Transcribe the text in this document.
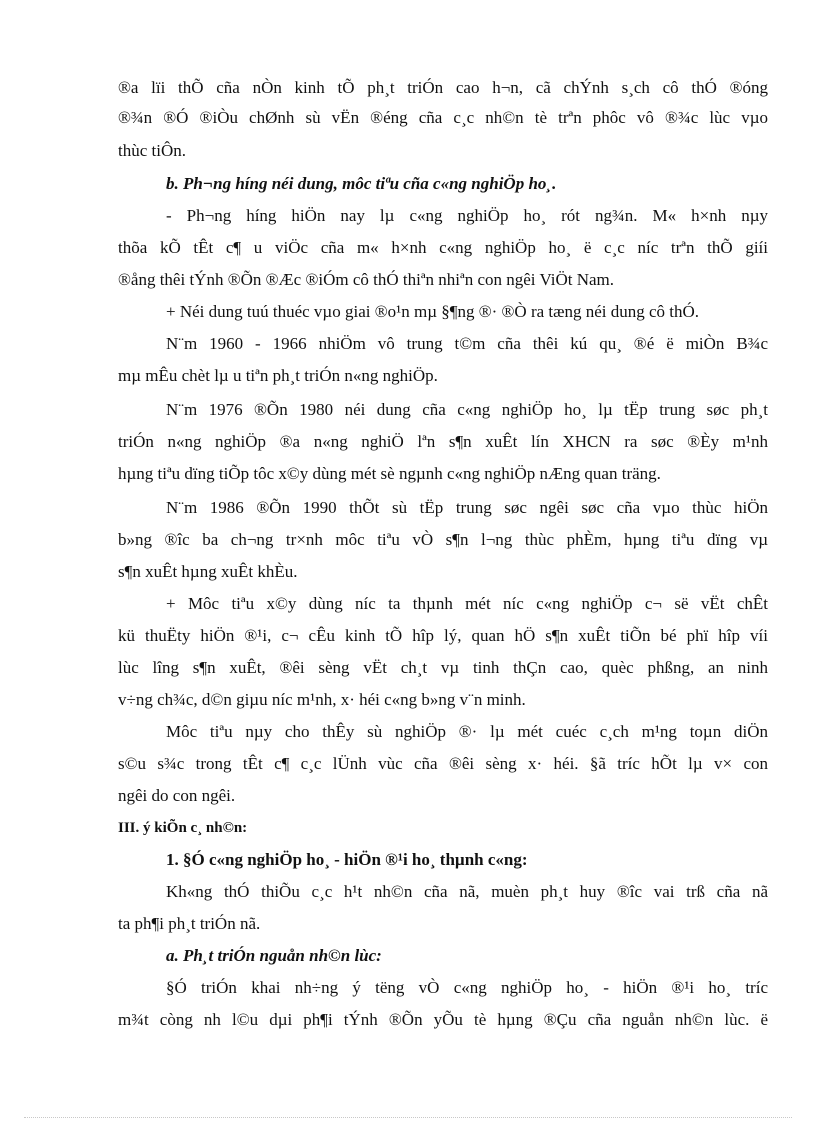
®a lïi thÕ cña nÒn kinh tÕ ph¸t triÓn cao h¬n, cã chÝnh s¸ch cô thÓ ®óng
®¾n ®Ó ®iÒu chØnh sù vËn ®éng cña c¸c nh©n tè trªn phôc vô ®¾c lùc vµo
thùc tiÔn.
b. Ph¬ng híng néi dung, môc tiªu cña c«ng nghiÖp ho¸.
- Ph¬ng híng hiÖn nay lµ c«ng nghiÖp ho¸ rót ng¾n. M« h×nh nµy
thõa kÕ tÊt c¶ u viÖc cña m« h×nh c«ng nghiÖp ho¸ ë c¸c níc trªn thÕ giíi
®ång thêi tÝnh ®Õn ®Æc ®iÓm cô thÓ thiªn nhiªn con ngêi ViÖt Nam.
+ Néi dung tuú thuéc vµo giai ®o¹n mµ §¶ng ®· ®Ò ra tæng néi dung cô thÓ.
N¨m 1960 - 1966 nhiÖm vô trung t©m cña thêi kú qu¸ ®é ë miÒn B¾c
mµ mÊu chèt lµ u tiªn ph¸t triÓn n«ng nghiÖp.
N¨m 1976 ®Õn 1980 néi dung cña c«ng nghiÖp ho¸ lµ tËp trung søc ph¸t
triÓn n«ng nghiÖp ®a n«ng nghiÖ lªn s¶n xuÊt lín XHCN ra søc ®Èy m¹nh
hµng tiªu dïng tiÕp tôc x©y dùng mét sè ngµnh c«ng nghiÖp nÆng quan träng.
N¨m 1986 ®Õn 1990 thÕt sù tËp trung søc ngêi søc cña vµo thùc hiÖn
b»ng ®îc ba ch¬ng tr×nh môc tiªu vÒ s¶n l¬ng thùc phÈm, hµng tiªu dïng vµ
s¶n xuÊt hµng xuÊt khÈu.
+ Môc tiªu x©y dùng níc ta thµnh mét níc c«ng nghiÖp c¬ së vËt chÊt
kü thuËty hiÖn ®¹i, c¬ cÊu kinh tÕ hîp lý, quan hÖ s¶n xuÊt tiÕn bé phï hîp víi
lùc lîng s¶n xuÊt, ®êi sèng vËt ch¸t vµ tinh thÇn cao, quèc phßng, an ninh
v÷ng ch¾c, d©n giµu níc m¹nh, x· héi c«ng b»ng v¨n minh.
Môc tiªu nµy cho thÊy sù nghiÖp ®· lµ mét cuéc c¸ch m¹ng toµn diÖn
s©u s¾c trong tÊt c¶ c¸c lÜnh vùc cña ®êi sèng x· héi. §ã tríc hÕt lµ v× con
ngêi do con ngêi.
III. ý kiÕn c¸ nh©n:
1. §Ó c«ng nghiÖp ho¸ - hiÖn ®¹i ho¸ thµnh c«ng:
Kh«ng thÓ thiÕu c¸c h¹t nh©n cña nã, muèn ph¸t huy ®îc vai trß cña nã
ta ph¶i ph¸t triÓn nã.
a. Ph¸t triÓn nguån nh©n lùc:
§Ó triÓn khai nh÷ng ý tëng vÒ c«ng nghiÖp ho¸ - hiÖn ®¹i ho¸ tríc
m¾t còng nh l©u dµi ph¶i tÝnh ®Õn yÕu tè hµng ®Çu cña nguån nh©n lùc. ë
